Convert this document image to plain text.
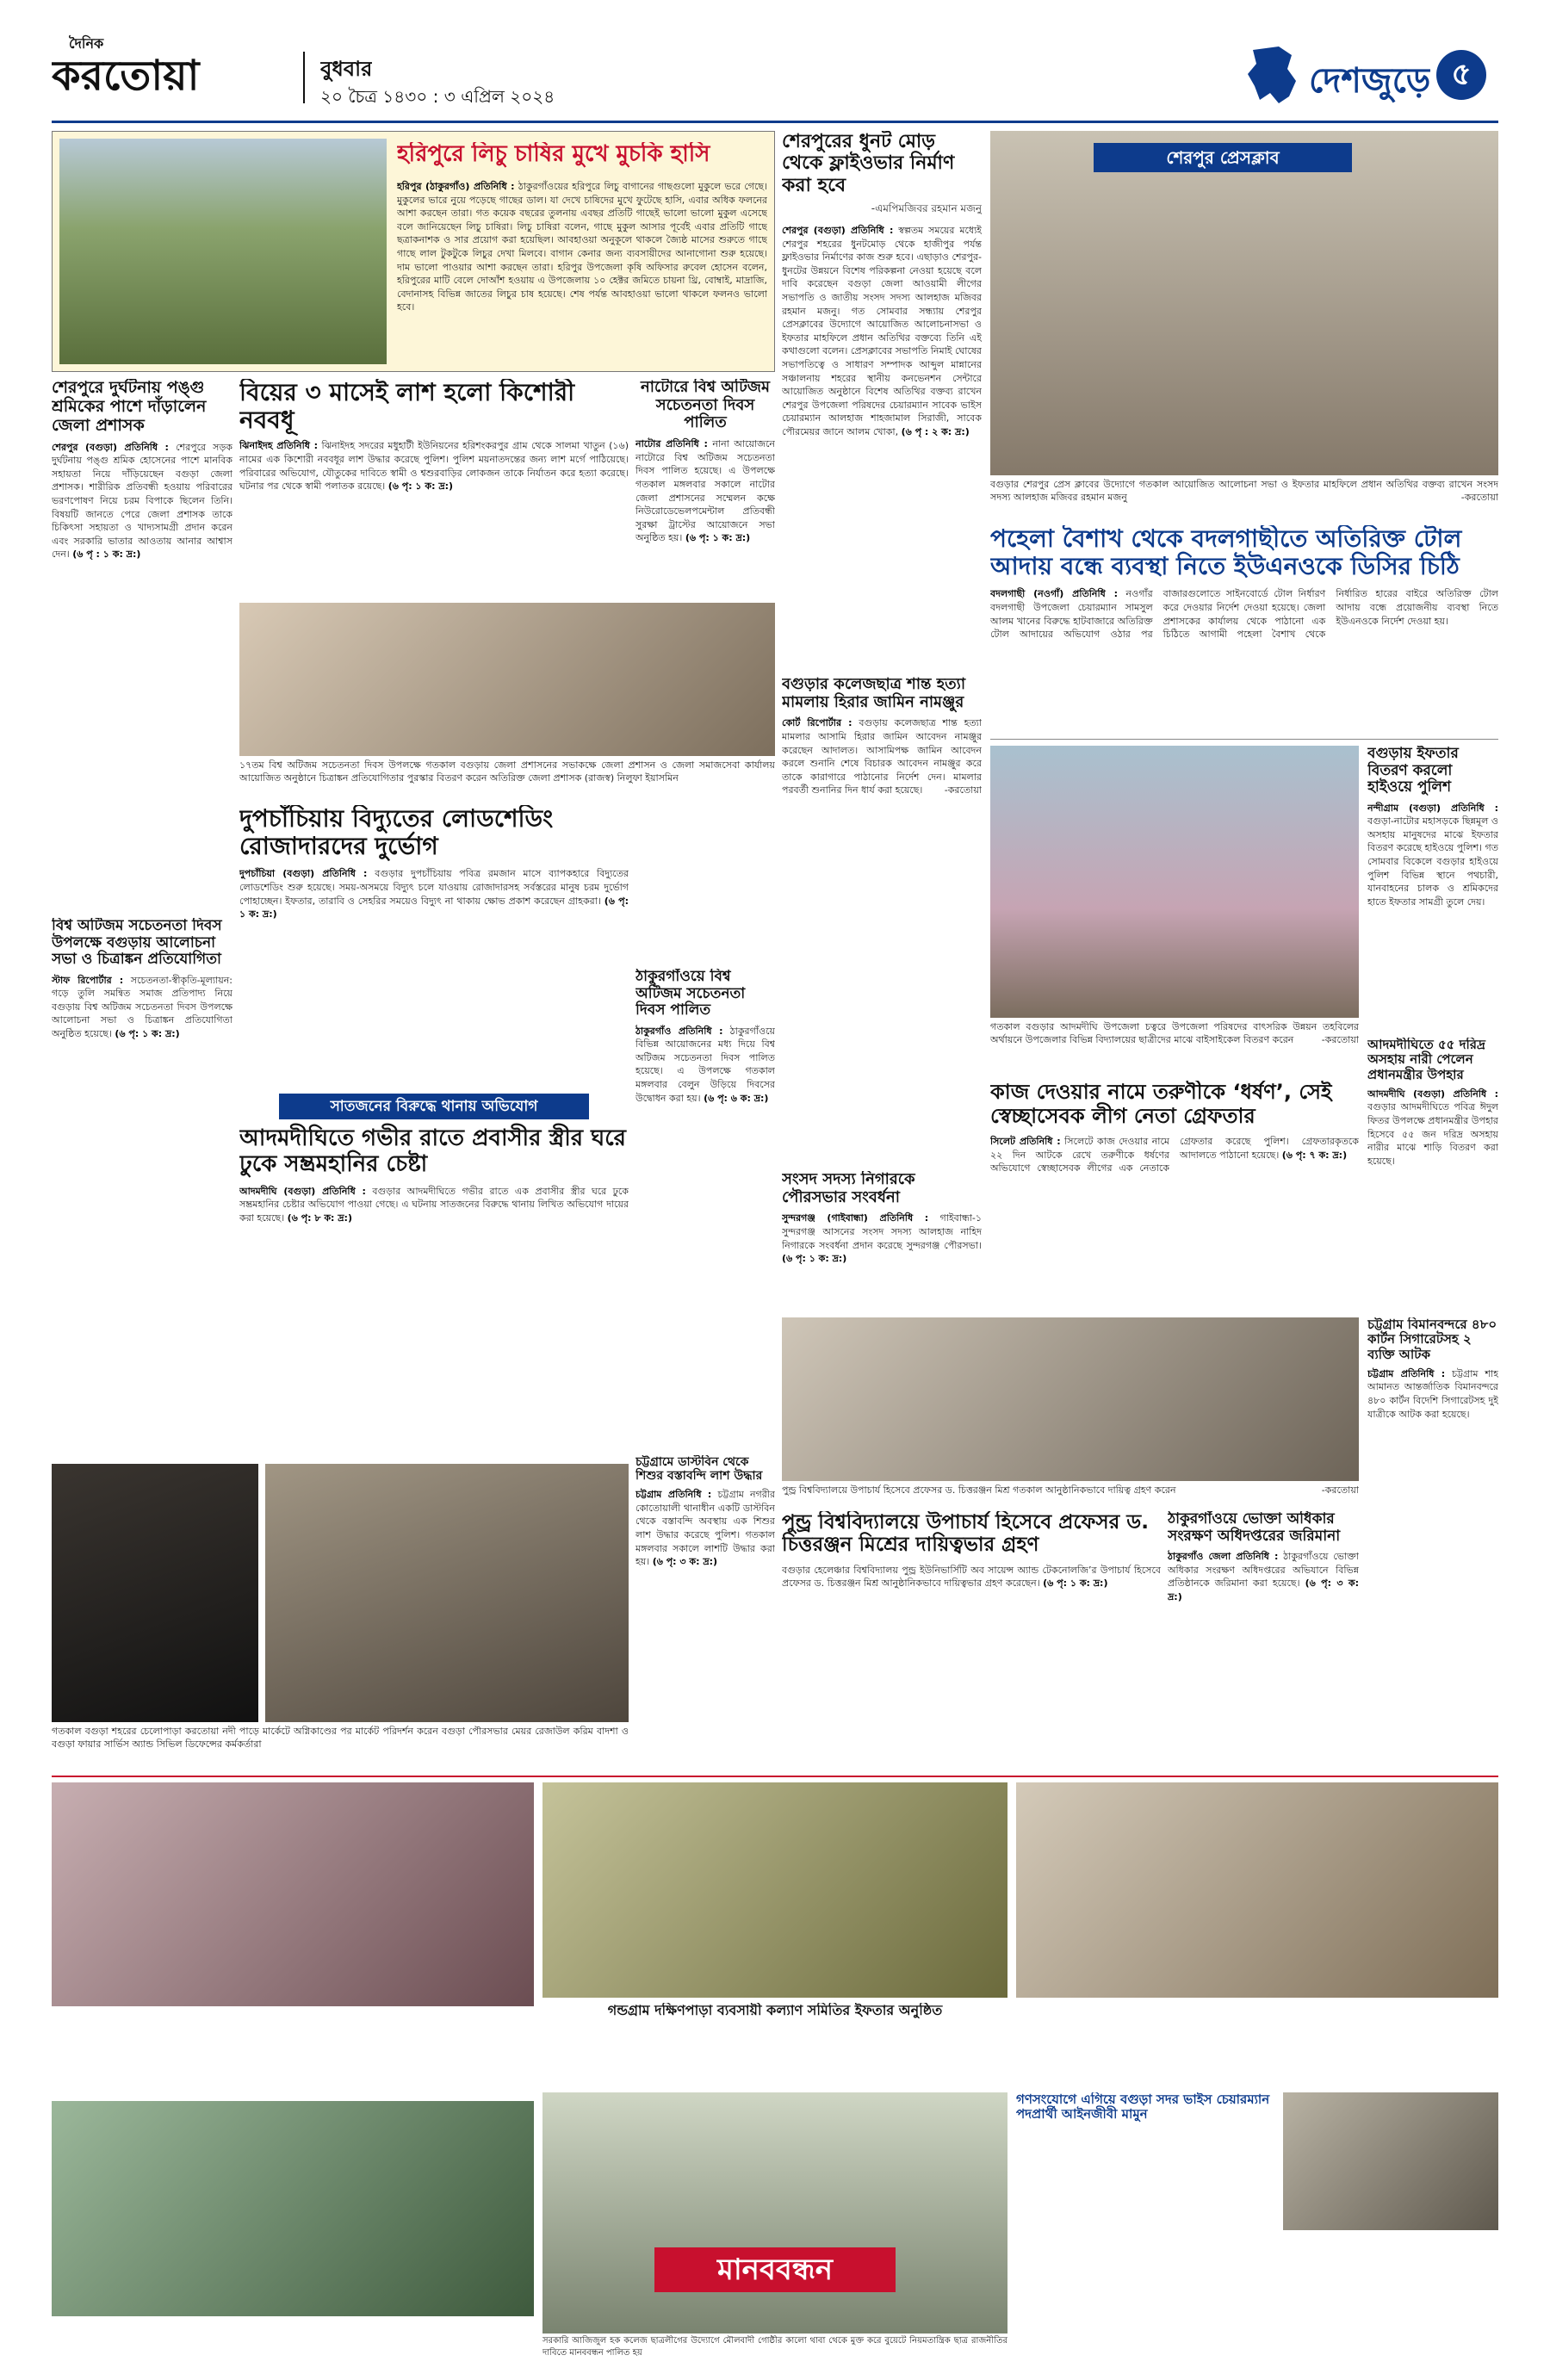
দৈনিক
করতোয়া	বুধবার
২০ চৈত্র ১৪৩০ : ৩ এপ্রিল ২০২৪	দেশজুড়ে ৫
হরিপুরে লিচু চাষির মুখে মুচকি হাসি
হরিপুর (ঠাকুরগাঁও) প্রতিনিধি : ঠাকুরগাঁওয়ের হরিপুরে লিচু বাগানের গাছগুলো মুকুলে ভরে গেছে। মুকুলের ভারে নুয়ে পড়েছে গাছের ডাল। যা দেখে চাষিদের মুখে ফুটেছে হাসি, এবার অধিক ফলনের আশা করছেন তারা। গত কয়েক বছরের তুলনায় এবছর প্রতিটি গাছেই ভালো ভালো মুকুল এসেছে বলে জানিয়েছেন লিচু চাষিরা। লিচু চাষিরা বলেন, গাছে মুকুল আসার পূর্বেই এবার প্রতিটি গাছে ছত্রাকনাশক ও সার প্রয়োগ করা হয়েছিল। আবহাওয়া অনুকূলে থাকলে জ্যৈষ্ঠ মাসের শুরুতে গাছে গাছে লাল টুকটুকে লিচুর দেখা মিলবে। বাগান কেনার জন্য ব্যবসায়ীদের আনাগোনা শুরু হয়েছে। দাম ভালো পাওয়ার আশা করছেন তারা। হরিপুর উপজেলা কৃষি অফিসার রুবেল হোসেন বলেন, হরিপুরের মাটি বেলে দোআঁশ হওয়ায় এ উপজেলায় ১০ হেক্টর জমিতে চায়না থ্রি, বোম্বাই, মাদ্রাজি, বেদানাসহ বিভিন্ন জাতের লিচুর চাষ হয়েছে। শেষ পর্যন্ত আবহাওয়া ভালো থাকলে ফলনও ভালো হবে।
শেরপুরের ধুনট মোড় থেকে ফ্লাইওভার নির্মাণ করা হবে
-এমপিমজিবর রহমান মজনু
শেরপুর (বগুড়া) প্রতিনিধি : স্বল্পতম সময়ের মধ্যেই শেরপুর শহরের ধুনটমোড় থেকে হাজীপুর পর্যন্ত ফ্লাইওভার নির্মাণের কাজ শুরু হবে। এছাড়াও শেরপুর-ধুনটের উন্নয়নে বিশেষ পরিকল্পনা নেওয়া হয়েছে বলে দাবি করেছেন বগুড়া জেলা আওয়ামী লীগের সভাপতি ও জাতীয় সংসদ সদস্য আলহাজ মজিবর রহমান মজনু। গত সোমবার সন্ধ্যায় শেরপুর প্রেসক্লাবের উদ্যোগে আয়োজিত আলোচনাসভা ও ইফতার মাহফিলে প্রধান অতিথির বক্তব্যে তিনি এই কথাগুলো বলেন। প্রেসক্লাবের সভাপতি নিমাই ঘোষের সভাপতিত্বে ও সাধারণ সম্পাদক আব্দুল মান্নানের সঞ্চালনায় শহরের স্থানীয় কনভেনশন সেন্টারে আয়োজিত অনুষ্ঠানে বিশেষ অতিথির বক্তব্য রাখেন শেরপুর উপজেলা পরিষদের চেয়ারম্যান সাবেক ভাইস চেয়ারম্যান আলহাজ শাহজামাল সিরাজী, সাবেক পৌরমেয়র জানে আলম খোকা, (৬ পৃ : ২ ক: দ্র:)
শেরপুর প্রেসক্লাব
বগুড়ার শেরপুর প্রেস ক্লাবের উদ্যোগে গতকাল আয়োজিত আলোচনা সভা ও ইফতার মাহফিলে প্রধান অতিথির বক্তব্য রাখেন সংসদ সদস্য আলহাজ মজিবর রহমান মজনু	-করতোয়া
পহেলা বৈশাখ থেকে বদলগাছীতে অতিরিক্ত টোল আদায় বন্ধে ব্যবস্থা নিতে ইউএনওকে ডিসির চিঠি
বদলগাছী (নওগাঁ) প্রতিনিধি : নওগাঁর বদলগাছী উপজেলা চেয়ারম্যান সামসুল আলম খানের বিরুদ্ধে হাটবাজারে অতিরিক্ত টোল আদায়ের অভিযোগ ওঠার পর বাজারগুলোতে সাইনবোর্ডে টোল নির্ধারণ করে দেওয়ার নির্দেশ দেওয়া হয়েছে। জেলা প্রশাসকের কার্যালয় থেকে পাঠানো এক চিঠিতে আগামী পহেলা বৈশাখ থেকে নির্ধারিত হারের বাইরে অতিরিক্ত টোল আদায় বন্ধে প্রয়োজনীয় ব্যবস্থা নিতে ইউএনওকে নির্দেশ দেওয়া হয়।
শেরপুরে দুর্ঘটনায় পঙ্গু শ্রমিকের পাশে দাঁড়ালেন জেলা প্রশাসক
শেরপুর (বগুড়া) প্রতিনিধি : শেরপুরে সড়ক দুর্ঘটনায় পঙ্গু শ্রমিক হোসেনের পাশে মানবিক সহায়তা নিয়ে দাঁড়িয়েছেন বগুড়া জেলা প্রশাসক। শারীরিক প্রতিবন্ধী হওয়ায় পরিবারের ভরণপোষণ নিয়ে চরম বিপাকে ছিলেন তিনি। বিষয়টি জানতে পেরে জেলা প্রশাসক তাকে চিকিৎসা সহায়তা ও খাদ্যসামগ্রী প্রদান করেন এবং সরকারি ভাতার আওতায় আনার আশ্বাস দেন। (৬ পৃ : ১ ক: দ্র:)
বিয়ের ৩ মাসেই লাশ হলো কিশোরী নববধূ
ঝিনাইদহ প্রতিনিধি : ঝিনাইদহ সদরের মধুহাটী ইউনিয়নের হরিশংকরপুর গ্রাম থেকে সালমা খাতুন (১৬) নামের এক কিশোরী নববধূর লাশ উদ্ধার করেছে পুলিশ। পুলিশ ময়নাতদন্তের জন্য লাশ মর্গে পাঠিয়েছে। পরিবারের অভিযোগ, যৌতুকের দাবিতে স্বামী ও শ্বশুরবাড়ির লোকজন তাকে নির্যাতন করে হত্যা করেছে। ঘটনার পর থেকে স্বামী পলাতক রয়েছে। (৬ পৃ: ১ ক: দ্র:)
নাটোরে বিশ্ব অটিজম সচেতনতা দিবস পালিত
নাটোর প্রতিনিধি : নানা আয়োজনে নাটোরে বিশ্ব অটিজম সচেতনতা দিবস পালিত হয়েছে। এ উপলক্ষে গতকাল মঙ্গলবার সকালে নাটোর জেলা প্রশাসনের সম্মেলন কক্ষে নিউরোডেভেলপমেন্টাল প্রতিবন্ধী সুরক্ষা ট্রাস্টের আয়োজনে সভা অনুষ্ঠিত হয়। (৬ পৃ: ১ ক: দ্র:)
বগুড়ার কলেজছাত্র শান্ত হত্যা মামলায় হিরার জামিন নামঞ্জুর
কোর্ট রিপোর্টার : বগুড়ায় কলেজছাত্র শান্ত হত্যা মামলার আসামি হিরার জামিন আবেদন নামঞ্জুর করেছেন আদালত। আসামিপক্ষ জামিন আবেদন করলে শুনানি শেষে বিচারক আবেদন নামঞ্জুর করে তাকে কারাগারে পাঠানোর নির্দেশ দেন। মামলার পরবর্তী শুনানির দিন ধার্য করা হয়েছে। -করতোয়া
১৭তম বিশ্ব অটিজম সচেতনতা দিবস উপলক্ষে গতকাল বগুড়ায় জেলা প্রশাসনের সভাকক্ষে জেলা প্রশাসন ও জেলা সমাজসেবা কার্যালয় আয়োজিত অনুষ্ঠানে চিত্রাঙ্কন প্রতিযোগিতার পুরস্কার বিতরণ করেন অতিরিক্ত জেলা প্রশাসক (রাজস্ব) নিলুফা ইয়াসমিন
গতকাল বগুড়ার আদমদীঘি উপজেলা চত্বরে উপজেলা পরিষদের বাৎসরিক উন্নয়ন তহবিলের অর্থায়নে উপজেলার বিভিন্ন বিদ্যালয়ের ছাত্রীদের মাঝে বাইসাইকেল বিতরণ করেন	-করতোয়া
বগুড়ায় ইফতার বিতরণ করলো হাইওয়ে পুলিশ
নন্দীগ্রাম (বগুড়া) প্রতিনিধি : বগুড়া-নাটোর মহাসড়কে ছিন্নমূল ও অসহায় মানুষদের মাঝে ইফতার বিতরণ করেছে হাইওয়ে পুলিশ। গত সোমবার বিকেলে বগুড়ার হাইওয়ে পুলিশ বিভিন্ন স্থানে পথচারী, যানবাহনের চালক ও শ্রমিকদের হাতে ইফতার সামগ্রী তুলে দেয়।
আদমদীঘিতে ৫৫ দরিদ্র অসহায় নারী পেলেন প্রধানমন্ত্রীর উপহার
আদমদীঘি (বগুড়া) প্রতিনিধি : বগুড়ার আদমদীঘিতে পবিত্র ঈদুল ফিতর উপলক্ষে প্রধানমন্ত্রীর উপহার হিসেবে ৫৫ জন দরিদ্র অসহায় নারীর মাঝে শাড়ি বিতরণ করা হয়েছে।
কাজ দেওয়ার নামে তরুণীকে ‘ধর্ষণ’, সেই স্বেচ্ছাসেবক লীগ নেতা গ্রেফতার
সিলেট প্রতিনিধি : সিলেটে কাজ দেওয়ার নামে ২২ দিন আটকে রেখে তরুণীকে ধর্ষণের অভিযোগে স্বেচ্ছাসেবক লীগের এক নেতাকে গ্রেফতার করেছে পুলিশ। গ্রেফতারকৃতকে আদালতে পাঠানো হয়েছে। (৬ পৃ: ৭ ক: দ্র:)
দুপচাঁচিয়ায় বিদ্যুতের লোডশেডিং রোজাদারদের দুর্ভোগ
দুপচাঁচিয়া (বগুড়া) প্রতিনিধি : বগুড়ার দুপচাঁচিয়ায় পবিত্র রমজান মাসে ব্যাপকহারে বিদ্যুতের লোডশেডিং শুরু হয়েছে। সময়-অসময়ে বিদ্যুৎ চলে যাওয়ায় রোজাদারসহ সর্বস্তরের মানুষ চরম দুর্ভোগ পোহাচ্ছেন। ইফতার, তারাবি ও সেহরির সময়েও বিদ্যুৎ না থাকায় ক্ষোভ প্রকাশ করেছেন গ্রাহকরা। (৬ পৃ: ১ ক: দ্র:)
ঠাকুরগাঁওয়ে বিশ্ব অটিজম সচেতনতা দিবস পালিত
ঠাকুরগাঁও প্রতিনিধি : ঠাকুরগাঁওয়ে বিভিন্ন আয়োজনের মধ্য দিয়ে বিশ্ব অটিজম সচেতনতা দিবস পালিত হয়েছে। এ উপলক্ষে গতকাল মঙ্গলবার বেলুন উড়িয়ে দিবসের উদ্বোধন করা হয়। (৬ পৃ: ৬ ক: দ্র:)
বিশ্ব অটিজম সচেতনতা দিবস উপলক্ষে বগুড়ায় আলোচনা সভা ও চিত্রাঙ্কন প্রতিযোগিতা
স্টাফ রিপোর্টার : সচেতনতা-স্বীকৃতি-মূল্যায়ন: গড়ে তুলি সমন্বিত সমাজ প্রতিপাদ্য নিয়ে বগুড়ায় বিশ্ব অটিজম সচেতনতা দিবস উপলক্ষে আলোচনা সভা ও চিত্রাঙ্কন প্রতিযোগিতা অনুষ্ঠিত হয়েছে। (৬ পৃ: ১ ক: দ্র:)
সংসদ সদস্য নিগারকে পৌরসভার সংবর্ধনা
সুন্দরগঞ্জ (গাইবান্ধা) প্রতিনিধি : গাইবান্ধা-১ সুন্দরগঞ্জ আসনের সংসদ সদস্য আলহাজ নাহিদ নিগারকে সংবর্ধনা প্রদান করেছে সুন্দরগঞ্জ পৌরসভা। (৬ পৃ: ১ ক: দ্র:)
সাতজনের বিরুদ্ধে থানায় অভিযোগ
আদমদীঘিতে গভীর রাতে প্রবাসীর স্ত্রীর ঘরে ঢুকে সম্ভ্রমহানির চেষ্টা
আদমদীঘি (বগুড়া) প্রতিনিধি : বগুড়ার আদমদীঘিতে গভীর রাতে এক প্রবাসীর স্ত্রীর ঘরে ঢুকে সম্ভ্রমহানির চেষ্টার অভিযোগ পাওয়া গেছে। এ ঘটনায় সাতজনের বিরুদ্ধে থানায় লিখিত অভিযোগ দায়ের করা হয়েছে। (৬ পৃ: ৮ ক: দ্র:)
পুন্ড্র বিশ্ববিদ্যালয়ে উপাচার্য হিসেবে প্রফেসর ড. চিত্তরঞ্জন মিশ্র গতকাল আনুষ্ঠানিকভাবে দায়িত্ব গ্রহণ করেন	-করতোয়া
পুন্ড্র বিশ্ববিদ্যালয়ে উপাচার্য হিসেবে প্রফেসর ড. চিত্তরঞ্জন মিশ্রের দায়িত্বভার গ্রহণ
বগুড়ার হেলেঞ্চার বিশ্ববিদ্যালয় পুন্ড্র ইউনিভার্সিটি অব সায়েন্স অ্যান্ড টেকনোলজি’র উপাচার্য হিসেবে প্রফেসর ড. চিত্তরঞ্জন মিশ্র আনুষ্ঠানিকভাবে দায়িত্বভার গ্রহণ করেছেন। (৬ পৃ: ১ ক: দ্র:)
ঠাকুরগাঁওয়ে ভোক্তা অধিকার সংরক্ষণ অধিদপ্তরের জরিমানা
ঠাকুরগাঁও জেলা প্রতিনিধি : ঠাকুরগাঁওয়ে ভোক্তা অধিকার সংরক্ষণ অধিদপ্তরের অভিযানে বিভিন্ন প্রতিষ্ঠানকে জরিমানা করা হয়েছে। (৬ পৃ: ৩ ক: দ্র:)
চট্টগ্রাম বিমানবন্দরে ৪৮০ কার্টন সিগারেটসহ ২ ব্যক্তি আটক
চট্টগ্রাম প্রতিনিধি : চট্টগ্রাম শাহ আমানত আন্তর্জাতিক বিমানবন্দরে ৪৮০ কার্টন বিদেশি সিগারেটসহ দুই যাত্রীকে আটক করা হয়েছে।
চট্টগ্রামে ডাস্টবিন থেকে শিশুর বস্তাবন্দি লাশ উদ্ধার
চট্টগ্রাম প্রতিনিধি : চট্টগ্রাম নগরীর কোতোয়ালী থানাধীন একটি ডাস্টবিন থেকে বস্তাবন্দি অবস্থায় এক শিশুর লাশ উদ্ধার করেছে পুলিশ। গতকাল মঙ্গলবার সকালে লাশটি উদ্ধার করা হয়। (৬ পৃ: ৩ ক: দ্র:)
গতকাল বগুড়া শহরের চেলোপাড়া করতোয়া নদী পাড়ে মার্কেটে অগ্নিকাণ্ডের পর মার্কেট পরিদর্শন করেন বগুড়া পৌরসভার মেয়র রেজাউল করিম বাদশা ও বগুড়া ফায়ার সার্ভিস অ্যান্ড সিভিল ডিফেন্সের কর্মকর্তারা
গন্ডগ্রাম দক্ষিণপাড়া ব্যবসায়ী কল্যাণ সমিতির ইফতার অনুষ্ঠিত
মানববন্ধন
সরকারি আজিজুল হক কলেজ ছাত্রলীগের উদ্যোগে মৌলবাদী গোষ্ঠীর কালো থাবা থেকে মুক্ত করে বুয়েটে নিয়মতান্ত্রিক ছাত্র রাজনীতির দাবিতে মানববন্ধন পালিত হয়
গণসংযোগে এগিয়ে বগুড়া সদর ভাইস চেয়ারম্যান পদপ্রার্থী আইনজীবী মামুন
